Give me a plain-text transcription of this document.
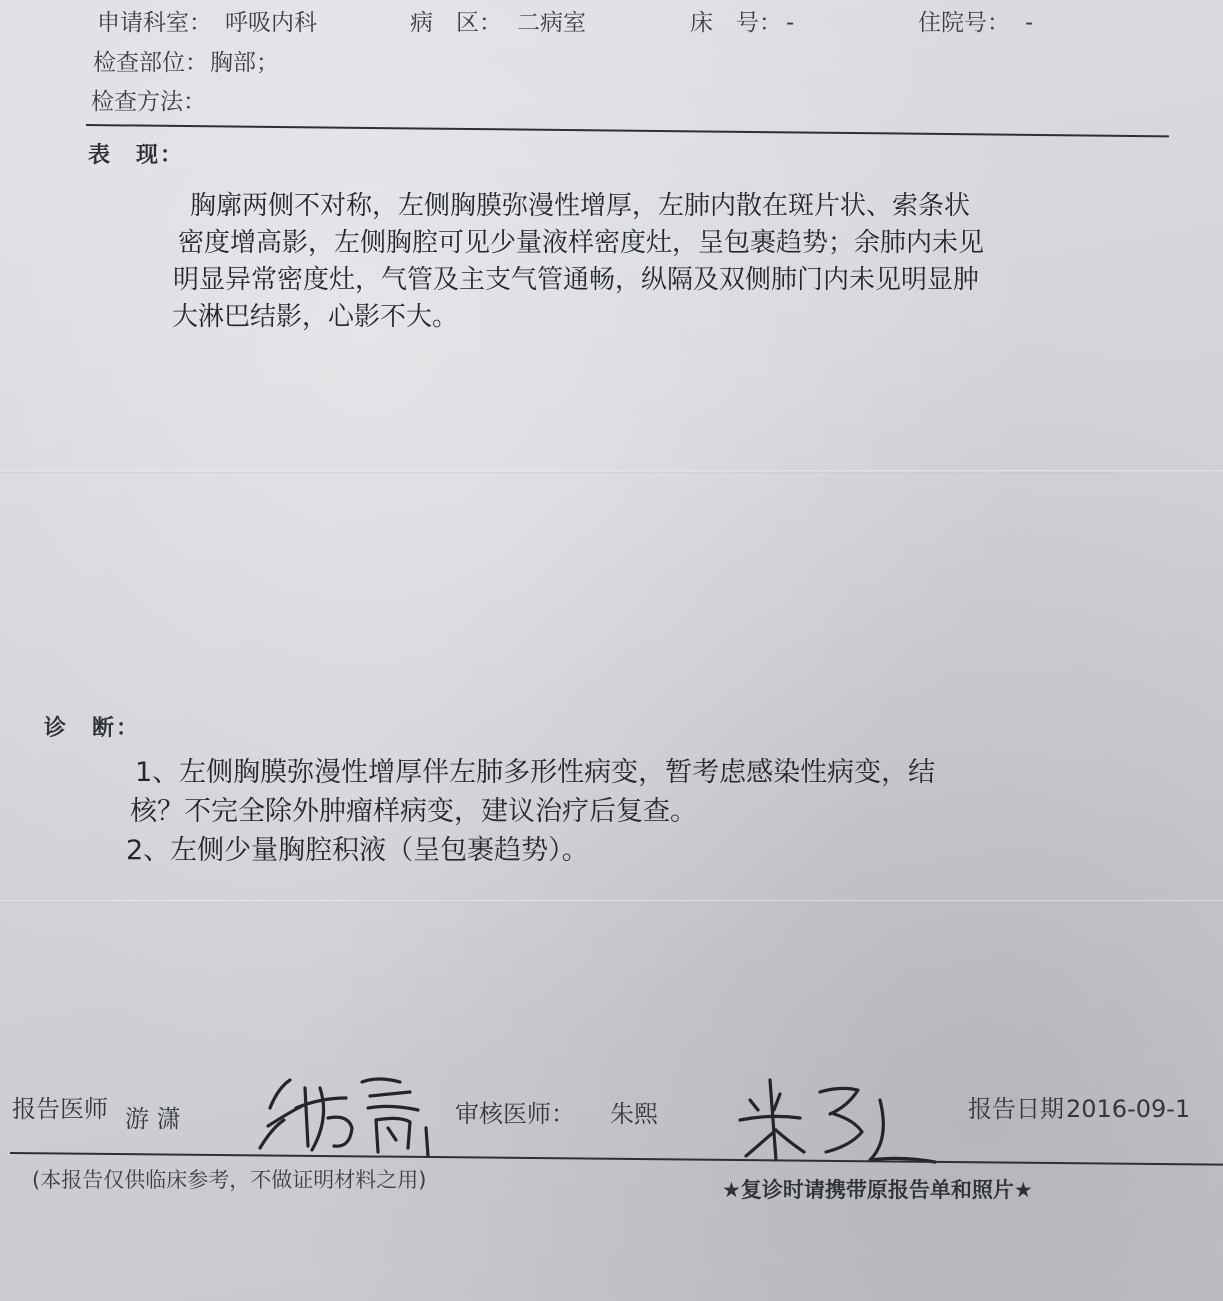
申请科室： 呼吸内科	病　区： 二病室	床　号： -	住院号： -
检查部位： 胸部；
检查方法：
表　现：
胸廓两侧不对称，左侧胸膜弥漫性增厚，左肺内散在斑片状、索条状
密度增高影，左侧胸腔可见少量液样密度灶，呈包裹趋势；余肺内未见
明显异常密度灶，气管及主支气管通畅，纵隔及双侧肺门内未见明显肿
大淋巴结影，心影不大。
诊　断：
1、左侧胸膜弥漫性增厚伴左肺多形性病变，暂考虑感染性病变，结
核？不完全除外肿瘤样病变，建议治疗后复查。
2、左侧少量胸腔积液（呈包裹趋势）。
报告医师 游 潇	审核医师： 朱熙	报告日期 2016-09-1
(本报告仅供临床参考，不做证明材料之用)	★复诊时请携带原报告单和照片★
